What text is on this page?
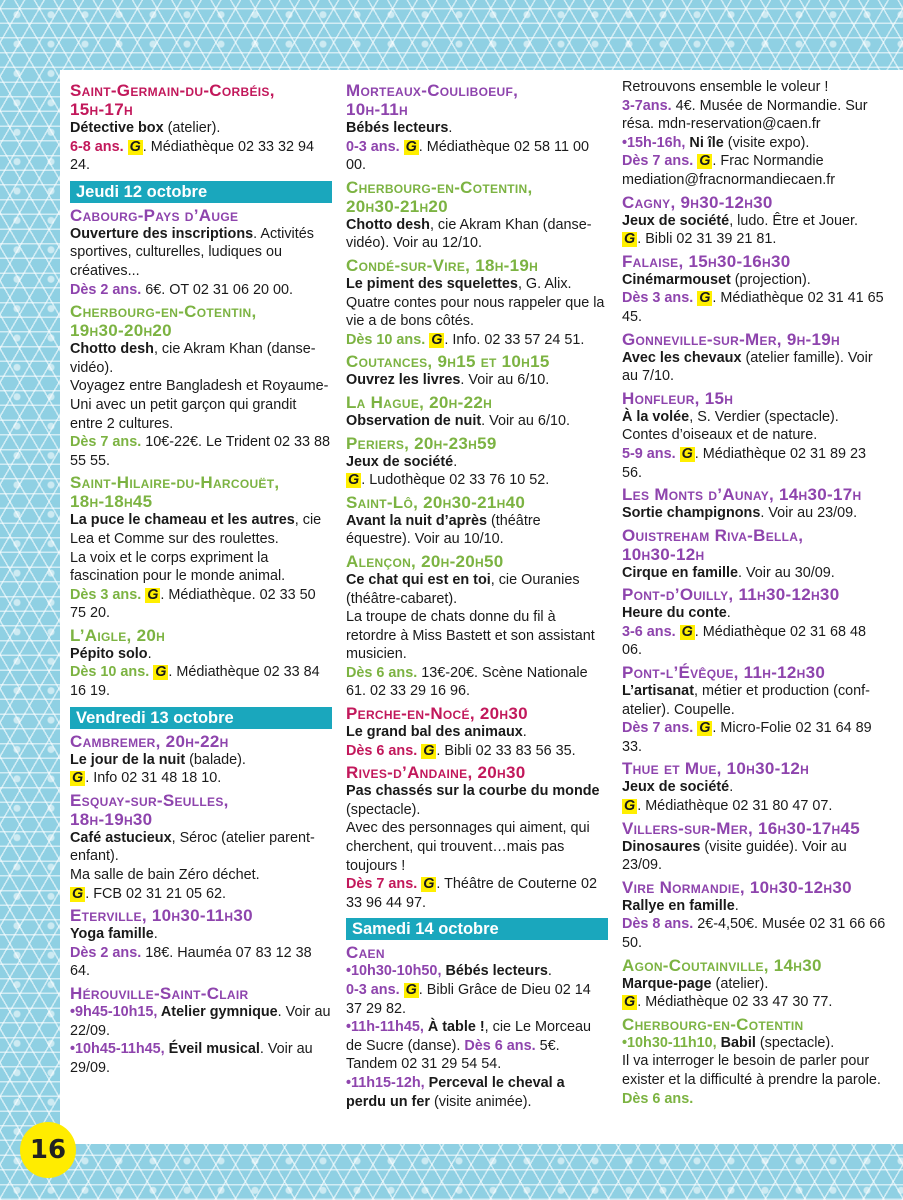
Saint-Germain-du-Corbéis,
15h-17h
Détective box (atelier).
6-8 ans. G . Médiathèque 02 33 32 94 24.
Jeudi 12 octobre
Cabourg-Pays d’Auge
Ouverture des inscriptions. Activités sportives, culturelles, ludiques ou créatives...
Dès 2 ans. 6€. OT 02 31 06 20 00.
Cherbourg-en-Cotentin,
19h30-20h20
Chotto desh, cie Akram Khan (danse-vidéo).
Voyagez entre Bangladesh et Royaume-Uni avec un petit garçon qui grandit entre 2 cultures.
Dès 7 ans. 10€-22€. Le Trident 02 33 88 55 55.
Saint-Hilaire-du-Harcouët,
18h-18h45
La puce le chameau et les autres, cie Lea et Comme sur des roulettes.
La voix et le corps expriment la fascination pour le monde animal.
Dès 3 ans. G . Médiathèque. 02 33 50 75 20.
L’Aigle, 20h
Pépito solo.
Dès 10 ans. G . Médiathèque 02 33 84 16 19.
Vendredi 13 octobre
Cambremer, 20h-22h
Le jour de la nuit (balade).
G . Info 02 31 48 18 10.
Esquay-sur-Seulles,
18h-19h30
Café astucieux, Séroc (atelier parent-enfant).
Ma salle de bain Zéro déchet.
G . FCB 02 31 21 05 62.
Eterville, 10h30-11h30
Yoga famille.
Dès 2 ans. 18€. Hauméa 07 83 12 38 64.
Hérouville-Saint-Clair
•9h45-10h15, Atelier gymnique. Voir au 22/09.
•10h45-11h45, Éveil musical. Voir au 29/09.
Morteaux-Couliboeuf,
10h-11h
Bébés lecteurs.
0-3 ans. G . Médiathèque 02 58 11 00 00.
Cherbourg-en-Cotentin,
20h30-21h20
Chotto desh, cie Akram Khan (danse-vidéo). Voir au 12/10.
Condé-sur-Vire, 18h-19h
Le piment des squelettes, G. Alix. Quatre contes pour nous rappeler que la vie a de bons côtés.
Dès 10 ans. G . Info. 02 33 57 24 51.
Coutances, 9h15 et 10h15
Ouvrez les livres. Voir au 6/10.
La Hague, 20h-22h
Observation de nuit. Voir au 6/10.
Periers, 20h-23h59
Jeux de société.
G . Ludothèque 02 33 76 10 52.
Saint-Lô, 20h30-21h40
Avant la nuit d’après (théâtre équestre). Voir au 10/10.
Alençon, 20h-20h50
Ce chat qui est en toi, cie Ouranies (théâtre-cabaret).
La troupe de chats donne du fil à retordre à Miss Bastett et son assistant musicien.
Dès 6 ans. 13€-20€. Scène Nationale 61. 02 33 29 16 96.
Perche-en-Nocé, 20h30
Le grand bal des animaux.
Dès 6 ans. G . Bibli 02 33 83 56 35.
Rives-d’Andaine, 20h30
Pas chassés sur la courbe du monde (spectacle).
Avec des personnages qui aiment, qui cherchent, qui trouvent…mais pas toujours !
Dès 7 ans. G . Théâtre de Couterne 02 33 96 44 97.
Samedi 14 octobre
Caen
•10h30-10h50, Bébés lecteurs.
0-3 ans. G . Bibli Grâce de Dieu 02 14 37 29 82.
•11h-11h45, À table !, cie Le Morceau de Sucre (danse). Dès 6 ans. 5€. Tandem 02 31 29 54 54.
•11h15-12h, Perceval le cheval a perdu un fer (visite animée).
Retrouvons ensemble le voleur !
3-7ans. 4€. Musée de Normandie. Sur résa. mdn-reservation@caen.fr
•15h-16h, Ni île (visite expo).
Dès 7 ans. G . Frac Normandie mediation@fracnormandiecaen.fr
Cagny, 9h30-12h30
Jeux de société, ludo. Être et Jouer.
G . Bibli 02 31 39 21 81.
Falaise, 15h30-16h30
Cinémarmouset (projection).
Dès 3 ans. G . Médiathèque 02 31 41 65 45.
Gonneville-sur-Mer, 9h-19h
Avec les chevaux (atelier famille). Voir au 7/10.
Honfleur, 15h
À la volée, S. Verdier (spectacle). Contes d’oiseaux et de nature.
5-9 ans. G . Médiathèque 02 31 89 23 56.
Les Monts d’Aunay, 14h30-17h
Sortie champignons. Voir au 23/09.
Ouistreham Riva-Bella,
10h30-12h
Cirque en famille. Voir au 30/09.
Pont-d’Ouilly, 11h30-12h30
Heure du conte.
3-6 ans. G . Médiathèque 02 31 68 48 06.
Pont-l’Évêque, 11h-12h30
L’artisanat, métier et production (conf-atelier). Coupelle.
Dès 7 ans. G . Micro-Folie 02 31 64 89 33.
Thue et Mue, 10h30-12h
Jeux de société.
G . Médiathèque 02 31 80 47 07.
Villers-sur-Mer, 16h30-17h45
Dinosaures (visite guidée). Voir au 23/09.
Vire Normandie, 10h30-12h30
Rallye en famille.
Dès 8 ans. 2€-4,50€. Musée 02 31 66 66 50.
Agon-Coutainville, 14h30
Marque-page (atelier).
G . Médiathèque 02 33 47 30 77.
Cherbourg-en-Cotentin
•10h30-11h10, Babil (spectacle).
Il va interroger le besoin de parler pour exister et la difficulté à prendre la parole. Dès 6 ans.
16
